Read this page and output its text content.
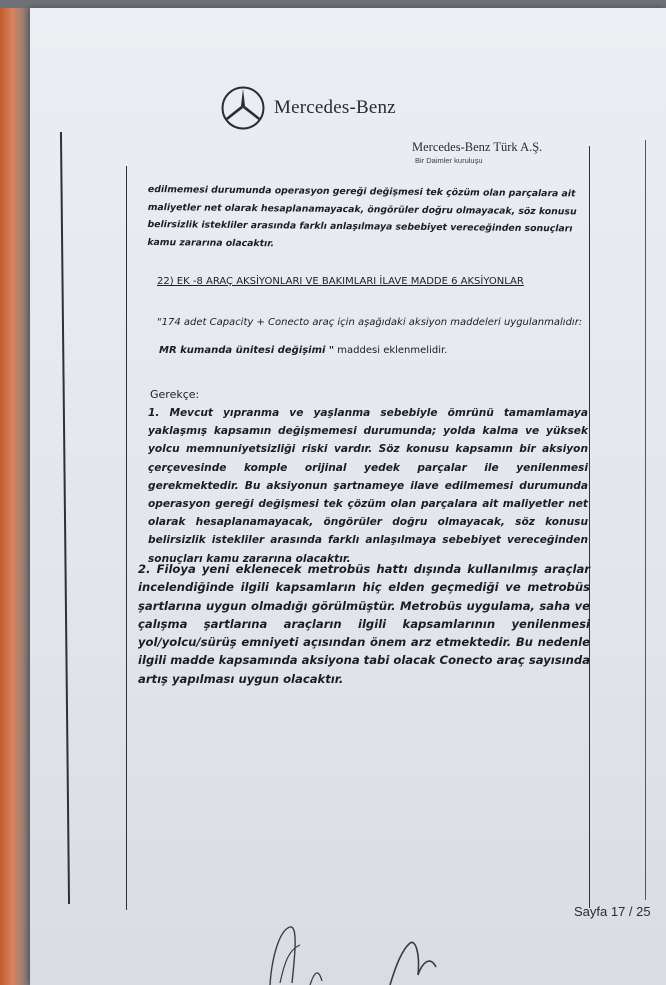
Mercedes-Benz
Mercedes-Benz Türk A.Ş.
Bir Daimler kuruluşu
edilmemesi durumunda operasyon gereği değişmesi tek çözüm olan parçalara ait maliyetler net olarak hesaplanamayacak, öngörüler doğru olmayacak, söz konusu belirsizlik istekliler arasında farklı anlaşılmaya sebebiyet vereceğinden sonuçları kamu zararına olacaktır.
22) EK -8 ARAÇ AKSİYONLARI VE BAKIMLARI İLAVE MADDE 6 AKSİYONLAR
"174 adet Capacity + Conecto araç için aşağıdaki aksiyon maddeleri uygulanmalıdır:
MR kumanda ünitesi değişimi " maddesi eklenmelidir.
Gerekçe:

1. Mevcut yıpranma ve yaşlanma sebebiyle ömrünü tamamlamaya yaklaşmış kapsamın değişmemesi durumunda; yolda kalma ve yüksek yolcu memnuniyetsizliği riski vardır. Söz konusu kapsamın bir aksiyon çerçevesinde komple orijinal yedek parçalar ile yenilenmesi gerekmektedir. Bu aksiyonun şartnameye ilave edilmemesi durumunda operasyon gereği değişmesi tek çözüm olan parçalara ait maliyetler net olarak hesaplanamayacak, öngörüler doğru olmayacak, söz konusu belirsizlik istekliler arasında farklı anlaşılmaya sebebiyet vereceğinden sonuçları kamu zararına olacaktır.

2. Filoya yeni eklenecek metrobüs hattı dışında kullanılmış araçlar incelendiğinde ilgili kapsamların hiç elden geçmediği ve metrobüs şartlarına uygun olmadığı görülmüştür. Metrobüs uygulama, saha ve çalışma şartlarına araçların ilgili kapsamlarının yenilenmesi yol/yolcu/sürüş emniyeti açısından önem arz etmektedir. Bu nedenle ilgili madde kapsamında aksiyona tabi olacak Conecto araç sayısında artış yapılması uygun olacaktır.

Sayfa 17 / 25
